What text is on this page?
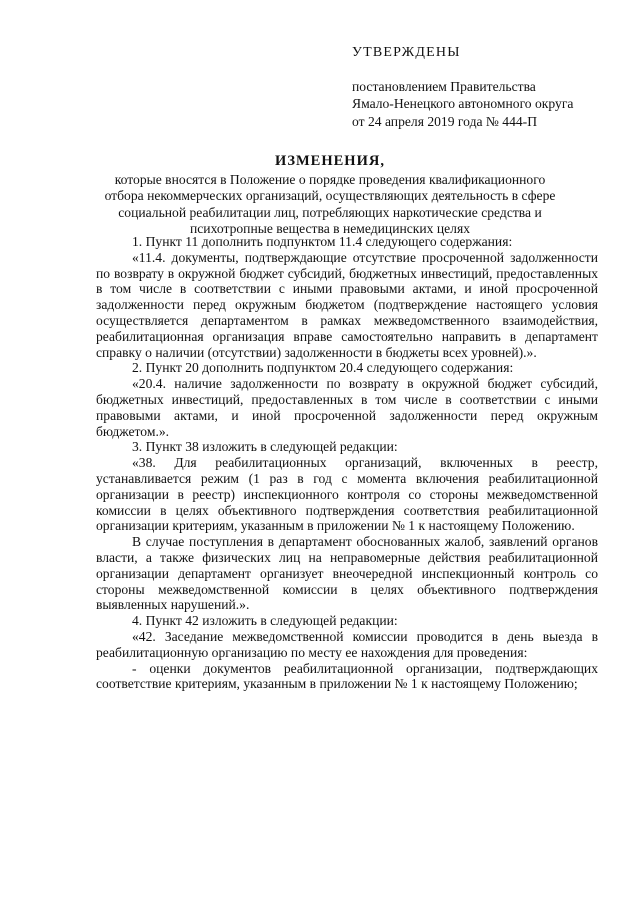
УТВЕРЖДЕНЫ
постановлением Правительства
Ямало-Ненецкого автономного округа
от 24 апреля 2019 года № 444-П
ИЗМЕНЕНИЯ,
которые вносятся в Положение о порядке проведения квалификационного отбора некоммерческих организаций, осуществляющих деятельность в сфере социальной реабилитации лиц, потребляющих наркотические средства и психотропные вещества в немедицинских целях

1. Пункт 11 дополнить подпунктом 11.4 следующего содержания:

«11.4. документы, подтверждающие отсутствие просроченной задолженности по возврату в окружной бюджет субсидий, бюджетных инвестиций, предоставленных в том числе в соответствии с иными правовыми актами, и иной просроченной задолженности перед окружным бюджетом (подтверждение настоящего условия осуществляется департаментом в рамках межведомственного взаимодействия, реабилитационная организация вправе самостоятельно направить в департамент справку о наличии (отсутствии) задолженности в бюджеты всех уровней).».

2. Пункт 20 дополнить подпунктом 20.4 следующего содержания:

«20.4. наличие задолженности по возврату в окружной бюджет субсидий, бюджетных инвестиций, предоставленных в том числе в соответствии с иными правовыми актами, и иной просроченной задолженности перед окружным бюджетом.».

3. Пункт 38 изложить в следующей редакции:

«38. Для реабилитационных организаций, включенных в реестр, устанавливается режим (1 раз в год с момента включения реабилитационной организации в реестр) инспекционного контроля со стороны межведомственной комиссии в целях объективного подтверждения соответствия реабилитационной организации критериям, указанным в приложении № 1 к настоящему Положению.

В случае поступления в департамент обоснованных жалоб, заявлений органов власти, а также физических лиц на неправомерные действия реабилитационной организации департамент организует внеочередной инспекционный контроль со стороны межведомственной комиссии в целях объективного подтверждения выявленных нарушений.».

4. Пункт 42 изложить в следующей редакции:

«42. Заседание межведомственной комиссии проводится в день выезда в реабилитационную организацию по месту ее нахождения для проведения:

- оценки документов реабилитационной организации, подтверждающих соответствие критериям, указанным в приложении № 1 к настоящему Положению;
